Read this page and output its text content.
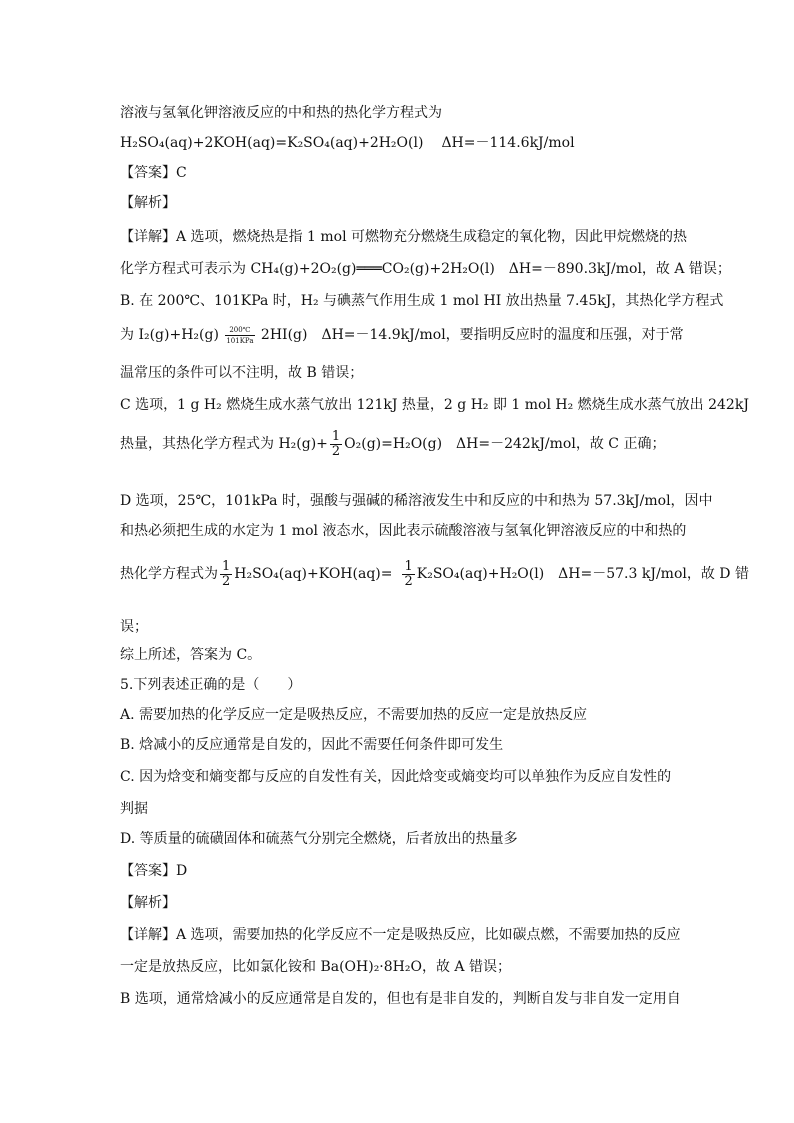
溶液与氢氧化钾溶液反应的中和热的热化学方程式为
H₂SO₄(aq)+2KOH(aq)=K₂SO₄(aq)+2H₂O(l) ΔH=－114.6kJ/mol
【答案】C
【解析】
【详解】A 选项，燃烧热是指 1 mol 可燃物充分燃烧生成稳定的氧化物，因此甲烷燃烧的热
化学方程式可表示为 CH₄(g)+2O₂(g)═══CO₂(g)+2H₂O(l)　ΔH=－890.3kJ/mol，故 A 错误；
B. 在 200℃、101KPa 时，H₂ 与碘蒸气作用生成 1 mol HI 放出热量 7.45kJ，其热化学方程式
为 I₂(g)+H₂(g)	200℃
101KPa 2HI(g)　ΔH=－14.9kJ/mol，要指明反应时的温度和压强，对于常
温常压的条件可以不注明，故 B 错误；
C 选项，1 g H₂ 燃烧生成水蒸气放出 121kJ 热量，2 g H₂ 即 1 mol H₂ 燃烧生成水蒸气放出 242kJ
热量，其热化学方程式为 $H_2(g)+ \frac{1}{2} O_2(g)=H_2O(g)$　ΔH=－242kJ/mol，故 C 正确；
D 选项，25℃，101kPa 时，强酸与强碱的稀溶液发生中和反应的中和热为 57.3kJ/mol，因中
和热必须把生成的水定为 1 mol 液态水，因此表示硫酸溶液与氢氧化钾溶液反应的中和热的
热化学方程式为 $\frac{1}{2} H_2SO_4(aq)+KOH(aq)= \frac{1}{2} K_2SO_4(aq)+H_2O(l)$　ΔH=－57.3 kJ/mol，故 D 错
误；
综上所述，答案为 C。
5.下列表述正确的是（　　）
A. 需要加热的化学反应一定是吸热反应，不需要加热的反应一定是放热反应
B. 焓减小的反应通常是自发的，因此不需要任何条件即可发生
C. 因为焓变和熵变都与反应的自发性有关，因此焓变或熵变均可以单独作为反应自发性的
判据
D. 等质量的硫磺固体和硫蒸气分别完全燃烧，后者放出的热量多
【答案】D
【解析】
【详解】A 选项，需要加热的化学反应不一定是吸热反应，比如碳点燃，不需要加热的反应
一定是放热反应，比如氯化铵和 Ba(OH)₂·8H₂O，故 A 错误；
B 选项，通常焓减小的反应通常是自发的，但也有是非自发的，判断自发与非自发一定用自
